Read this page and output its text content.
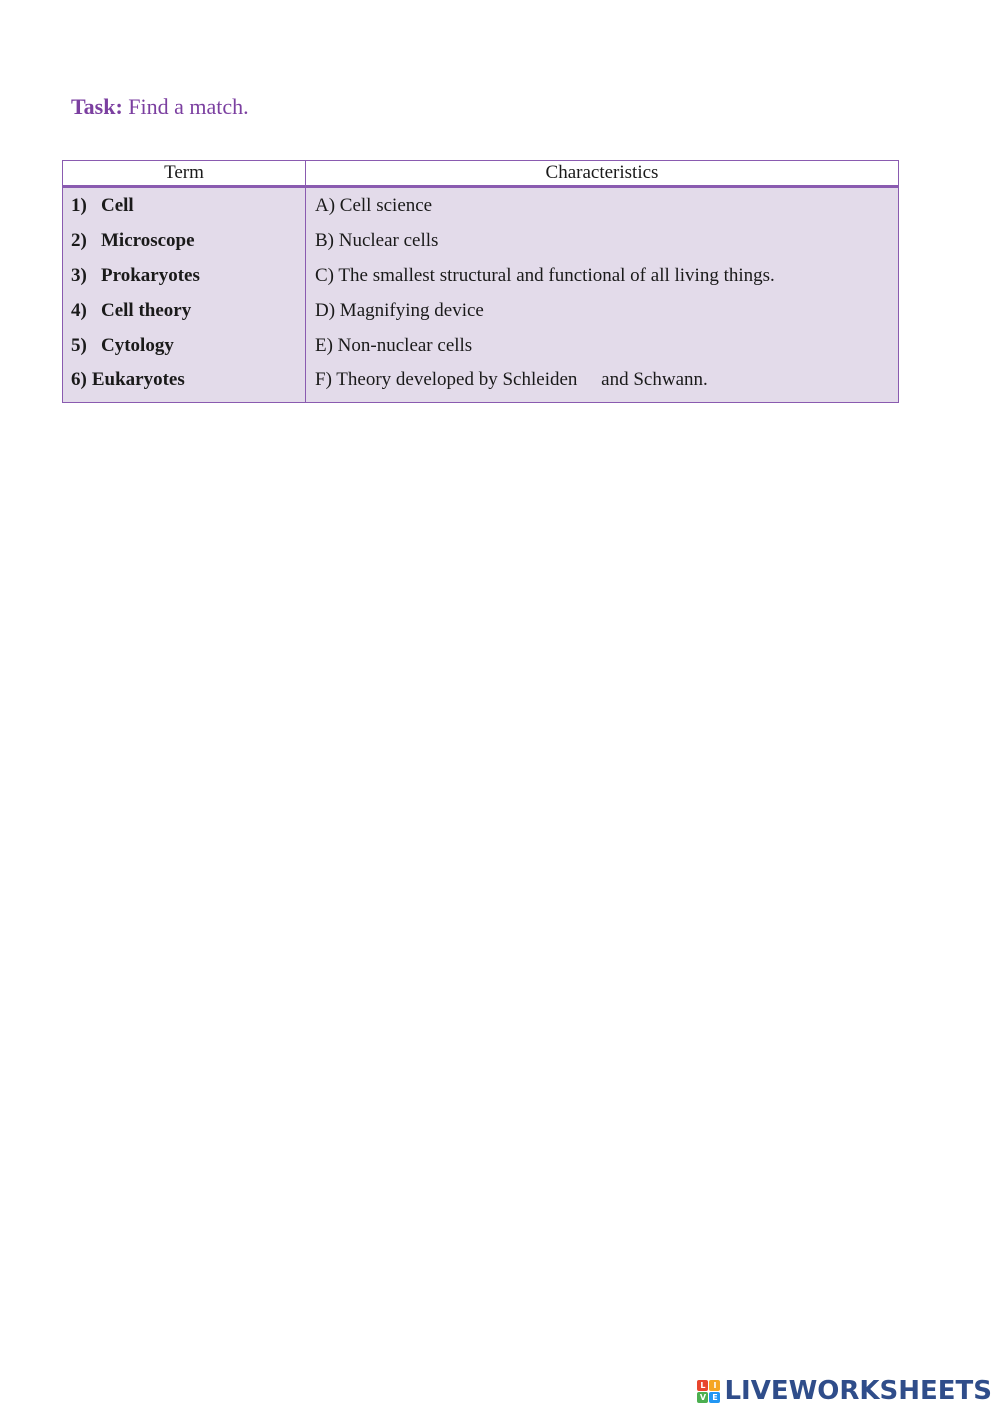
Task: Find a match.
Term	Characteristics
1) Cell	A) Cell science
2) Microscope	B) Nuclear cells
3) Prokaryotes	C) The smallest structural and functional of all living things.
4) Cell theory	D) Magnifying device
5) Cytology	E) Non-nuclear cells
6) Eukaryotes	F) Theory developed by Schleiden     and Schwann.
L I
V E LIVEWORKSHEETS
